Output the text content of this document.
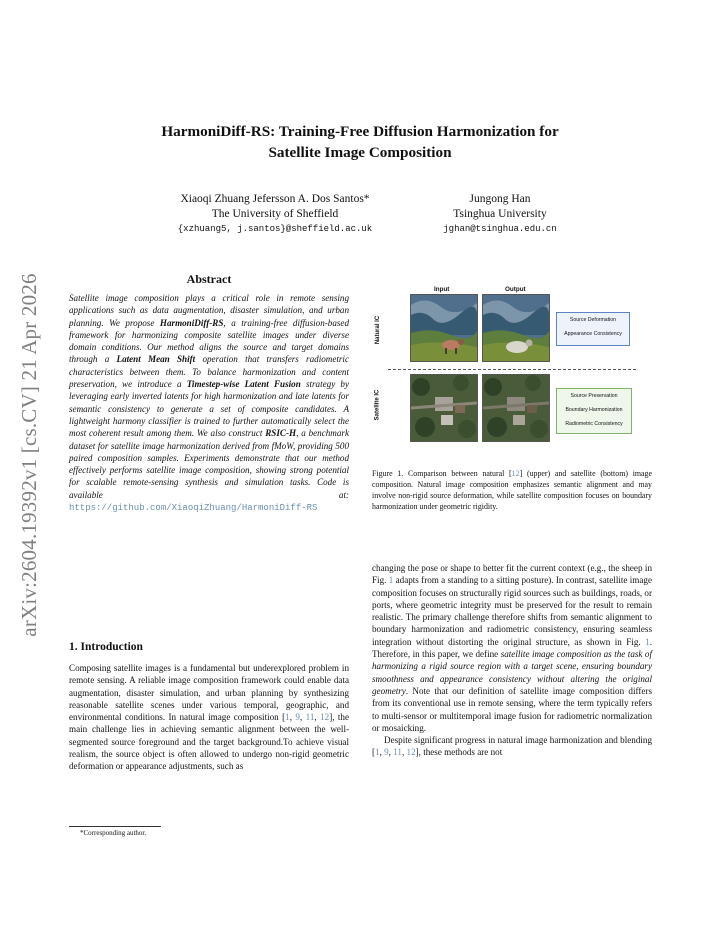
arXiv:2604.19392v1 [cs.CV] 21 Apr 2026
HarmoniDiff-RS: Training-Free Diffusion Harmonization for
Satellite Image Composition
Xiaoqi Zhuang Jefersson A. Dos Santos*
The University of Sheffield
{xzhuang5, j.santos}@sheffield.ac.uk
Jungong Han
Tsinghua University
jghan@tsinghua.edu.cn
Abstract
Satellite image composition plays a critical role in remote sensing applications such as data augmentation, disaster simulation, and urban planning. We propose HarmoniDiff-RS, a training-free diffusion-based framework for harmonizing composite satellite images under diverse domain conditions. Our method aligns the source and target domains through a Latent Mean Shift operation that transfers radiometric characteristics between them. To balance harmonization and content preservation, we introduce a Timestep-wise Latent Fusion strategy by leveraging early inverted latents for high harmonization and late latents for semantic consistency to generate a set of composite candidates. A lightweight harmony classifier is trained to further automatically select the most coherent result among them. We also construct RSIC-H, a benchmark dataset for satellite image harmonization derived from fMoW, providing 500 paired composition samples. Experiments demonstrate that our method effectively performs satellite image composition, showing strong potential for scalable remote-sensing synthesis and simulation tasks. Code is available at: https://github.com/XiaoqiZhuang/HarmoniDiff-RS
1. Introduction
Composing satellite images is a fundamental but underexplored problem in remote sensing. A reliable image composition framework could enable data augmentation, disaster simulation, and urban planning by synthesizing reasonable satellite scenes under various temporal, geographic, and environmental conditions. In natural image composition [1, 9, 11, 12], the main challenge lies in achieving semantic alignment between the well-segmented source foreground and the target background.To achieve visual realism, the source object is often allowed to undergo non-rigid geometric deformation or appearance adjustments, such as
*Corresponding author.
Input	Output
Natural IC
Satellite IC
Source Deformation
Appearance Consistency
Source Preservation
Boundary Harmonization
Radiometric Consistency
Figure 1. Comparison between natural [12] (upper) and satellite (bottom) image composition. Natural image composition emphasizes semantic alignment and may involve non-rigid source deformation, while satellite composition focuses on boundary harmonization under geometric rigidity.

changing the pose or shape to better fit the current context (e.g., the sheep in Fig. 1 adapts from a standing to a sitting posture). In contrast, satellite image composition focuses on structurally rigid sources such as buildings, roads, or ports, where geometric integrity must be preserved for the result to remain realistic. The primary challenge therefore shifts from semantic alignment to boundary harmonization and radiometric consistency, ensuring seamless integration without distorting the original structure, as shown in Fig. 1. Therefore, in this paper, we define satellite image composition as the task of harmonizing a rigid source region with a target scene, ensuring boundary smoothness and appearance consistency without altering the original geometry. Note that our definition of satellite image composition differs from its conventional use in remote sensing, where the term typically refers to multi-sensor or multitemporal image fusion for radiometric normalization or mosaicking.

Despite significant progress in natural image harmonization and blending [1, 9, 11, 12], these methods are not
